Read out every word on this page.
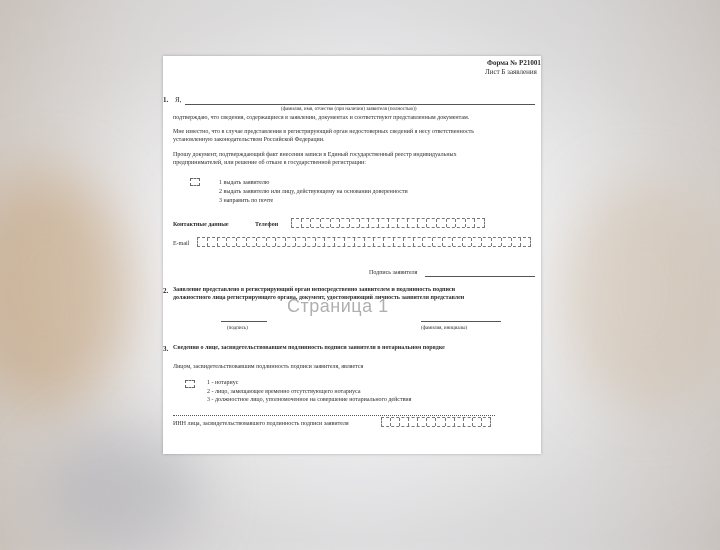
Форма № Р21001
Лист Б заявления
1. Я,
(фамилия, имя, отчество (при наличии) заявителя (полностью))
подтверждаю, что сведения, содержащиеся в заявлении, документах и соответствуют представленным документам.
Мне известно, что в случае представления в регистрирующий орган недостоверных сведений я несу ответственность
установленную законодательством Российской Федерации.
Прошу документ, подтверждающий факт внесения записи в Единый государственный реестр индивидуальных
предпринимателей, или решение об отказе в государственной регистрации:
1 выдать заявителю
2 выдать заявителю или лицу, действующему на основании доверенности
3 направить по почте
Контактные данные	Телефон
E-mail
Подпись заявителя
2. Заявление представлено в регистрирующий орган непосредственно заявителем и подлинность подписи
должностного лица регистрирующего органа, документ, удостоверяющий личность заявителя представлен
(подпись)	(фамилия, инициалы)
3. Сведения о лице, засвидетельствовавшем подлинность подписи заявителя в нотариальном порядке
Лицом, засвидетельствовавшим подлинность подписи заявителя, является
1 - нотариус
2 - лицо, замещающее временно отсутствующего нотариуса
3 - должностное лицо, уполномоченное на совершение нотариального действия
ИНН лица, засвидетельствовавшего подлинность подписи заявителя
Страница 1
